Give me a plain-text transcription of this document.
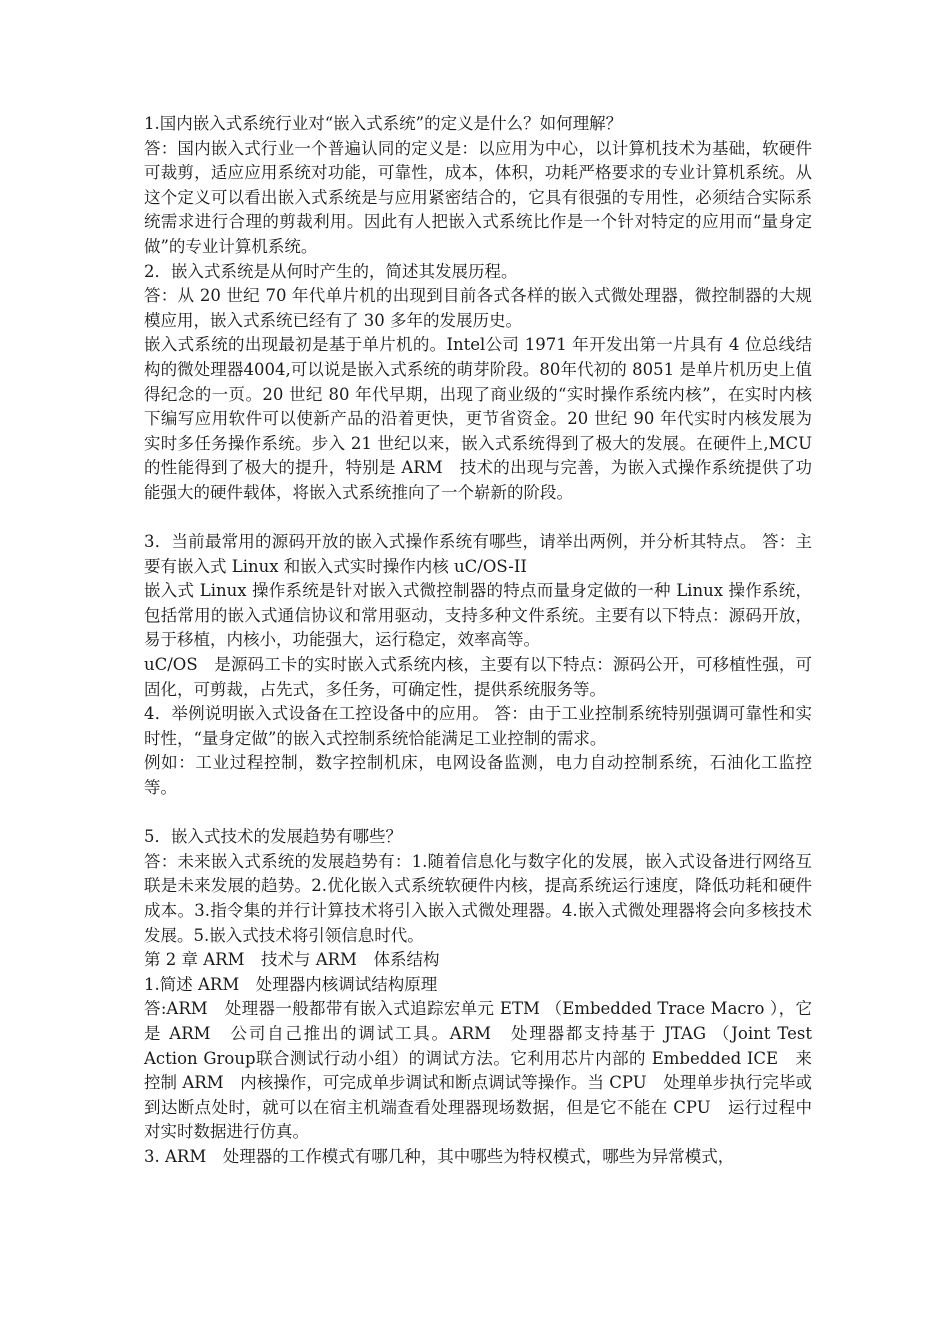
1.国内嵌入式系统行业对“嵌入式系统”的定义是什么？如何理解？

答：国内嵌入式行业一个普遍认同的定义是：以应用为中心，以计算机技术为基础，软硬件可裁剪，适应应用系统对功能，可靠性，成本，体积，功耗严格要求的专业计算机系统。从这个定义可以看出嵌入式系统是与应用紧密结合的，它具有很强的专用性，必须结合实际系统需求进行合理的剪裁利用。因此有人把嵌入式系统比作是一个针对特定的应用而“量身定做”的专业计算机系统。

2．嵌入式系统是从何时产生的，简述其发展历程。

答：从 20 世纪 70 年代单片机的出现到目前各式各样的嵌入式微处理器，微控制器的大规模应用，嵌入式系统已经有了 30 多年的发展历史。

嵌入式系统的出现最初是基于单片机的。Intel公司 1971 年开发出第一片具有 4 位总线结构的微处理器4004,可以说是嵌入式系统的萌芽阶段。80年代初的 8051 是单片机历史上值得纪念的一页。20 世纪 80 年代早期，出现了商业级的“实时操作系统内核”，在实时内核下编写应用软件可以使新产品的沿着更快，更节省资金。20 世纪 90 年代实时内核发展为实时多任务操作系统。步入 21 世纪以来，嵌入式系统得到了极大的发展。在硬件上,MCU　的性能得到了极大的提升，特别是 ARM　技术的出现与完善，为嵌入式操作系统提供了功能强大的硬件载体，将嵌入式系统推向了一个崭新的阶段。

3．当前最常用的源码开放的嵌入式操作系统有哪些，请举出两例，并分析其特点。 答：主要有嵌入式 Linux 和嵌入式实时操作内核 uC/OS-II

嵌入式 Linux 操作系统是针对嵌入式微控制器的特点而量身定做的一种 Linux 操作系统，包括常用的嵌入式通信协议和常用驱动，支持多种文件系统。主要有以下特点：源码开放，易于移植，内核小，功能强大，运行稳定，效率高等。

uC/OS　是源码工卡的实时嵌入式系统内核，主要有以下特点：源码公开，可移植性强，可固化，可剪裁，占先式，多任务，可确定性，提供系统服务等。

4．举例说明嵌入式设备在工控设备中的应用。 答：由于工业控制系统特别强调可靠性和实时性，“量身定做”的嵌入式控制系统恰能满足工业控制的需求。

例如：工业过程控制，数字控制机床，电网设备监测，电力自动控制系统，石油化工监控等。

5．嵌入式技术的发展趋势有哪些？

答：未来嵌入式系统的发展趋势有：1.随着信息化与数字化的发展，嵌入式设备进行网络互联是未来发展的趋势。2.优化嵌入式系统软硬件内核，提高系统运行速度，降低功耗和硬件成本。3.指令集的并行计算技术将引入嵌入式微处理器。4.嵌入式微处理器将会向多核技术发展。5.嵌入式技术将引领信息时代。

第 2 章 ARM　技术与 ARM　体系结构

1.简述 ARM　处理器内核调试结构原理

答:ARM　处理器一般都带有嵌入式追踪宏单元 ETM （Embedded Trace Macro ），它是 ARM　公司自己推出的调试工具。ARM　处理器都支持基于 JTAG （Joint Test Action Group联合测试行动小组）的调试方法。它利用芯片内部的 Embedded ICE　来控制 ARM　内核操作，可完成单步调试和断点调试等操作。当 CPU　处理单步执行完毕或到达断点处时，就可以在宿主机端查看处理器现场数据，但是它不能在 CPU　运行过程中对实时数据进行仿真。

3. ARM　处理器的工作模式有哪几种，其中哪些为特权模式，哪些为异常模式，
